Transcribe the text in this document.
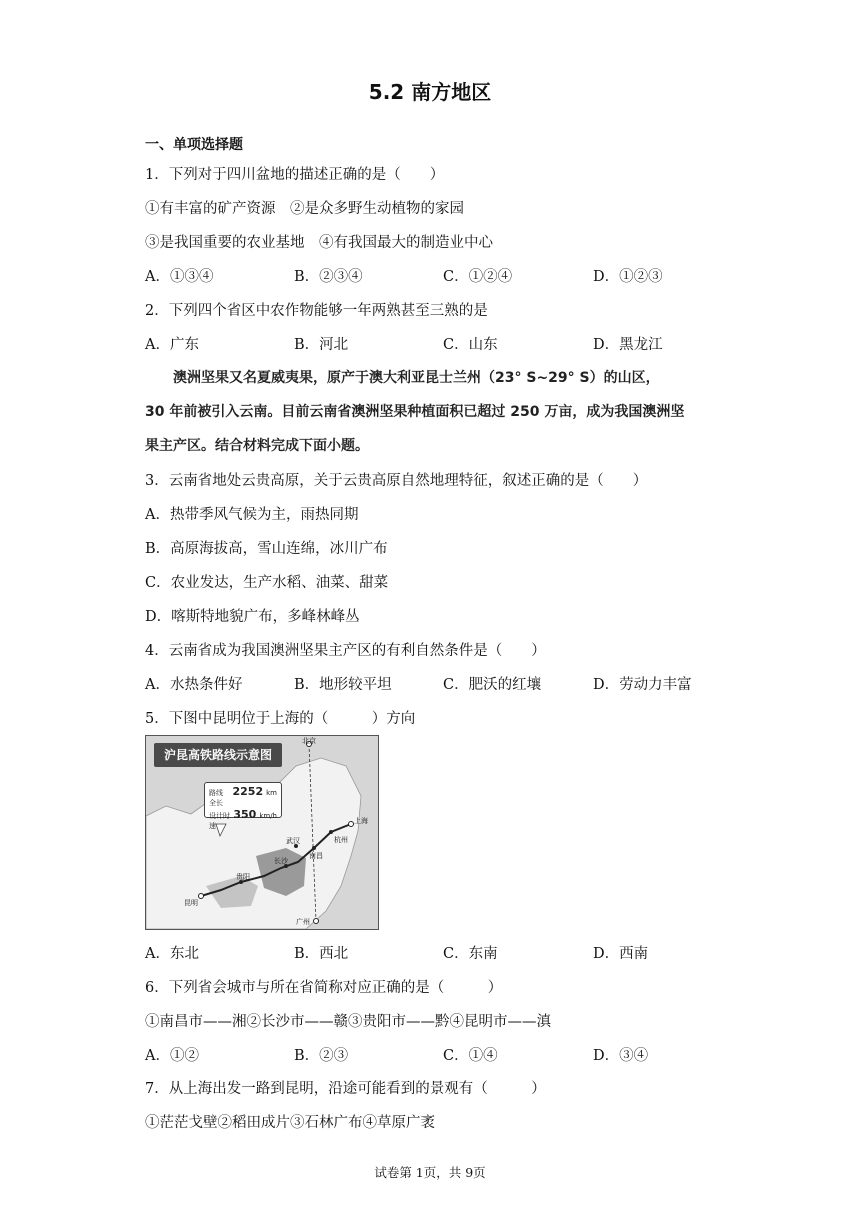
5.2 南方地区
一、单项选择题
1．下列对于四川盆地的描述正确的是（　　）
①有丰富的矿产资源　②是众多野生动植物的家园
③是我国重要的农业基地　④有我国最大的制造业中心
A．①③④	B．②③④	C．①②④	D．①②③
2．下列四个省区中农作物能够一年两熟甚至三熟的是
A．广东	B．河北	C．山东	D．黑龙江
　　澳洲坚果又名夏威夷果，原产于澳大利亚昆士兰州（23° S~29° S）的山区，
30 年前被引入云南。目前云南省澳洲坚果种植面积已超过 250 万亩，成为我国澳洲坚
果主产区。结合材料完成下面小题。
3．云南省地处云贵高原，关于云贵高原自然地理特征，叙述正确的是（　　）
A．热带季风气候为主，雨热同期
B．高原海拔高，雪山连绵，冰川广布
C．农业发达，生产水稻、油菜、甜菜
D．喀斯特地貌广布，多峰林峰丛
4．云南省成为我国澳洲坚果主产区的有利自然条件是（　　）
A．水热条件好	B．地形较平坦	C．肥沃的红壤	D．劳动力丰富
5．下图中昆明位于上海的（　　　）方向
沪昆高铁路线示意图
路线全长
2252 km
设计时速
350 km/h
北京
上海
杭州
武汉
南昌
长沙
贵阳
昆明
广州
A．东北	B．西北	C．东南	D．西南
6．下列省会城市与所在省简称对应正确的是（　　　）
①南昌市——湘②长沙市——赣③贵阳市——黔④昆明市——滇
A．①②	B．②③	C．①④	D．③④
7．从上海出发一路到昆明，沿途可能看到的景观有（　　　）
①茫茫戈壁②稻田成片③石林广布④草原广袤
试卷第 1页，共 9页
